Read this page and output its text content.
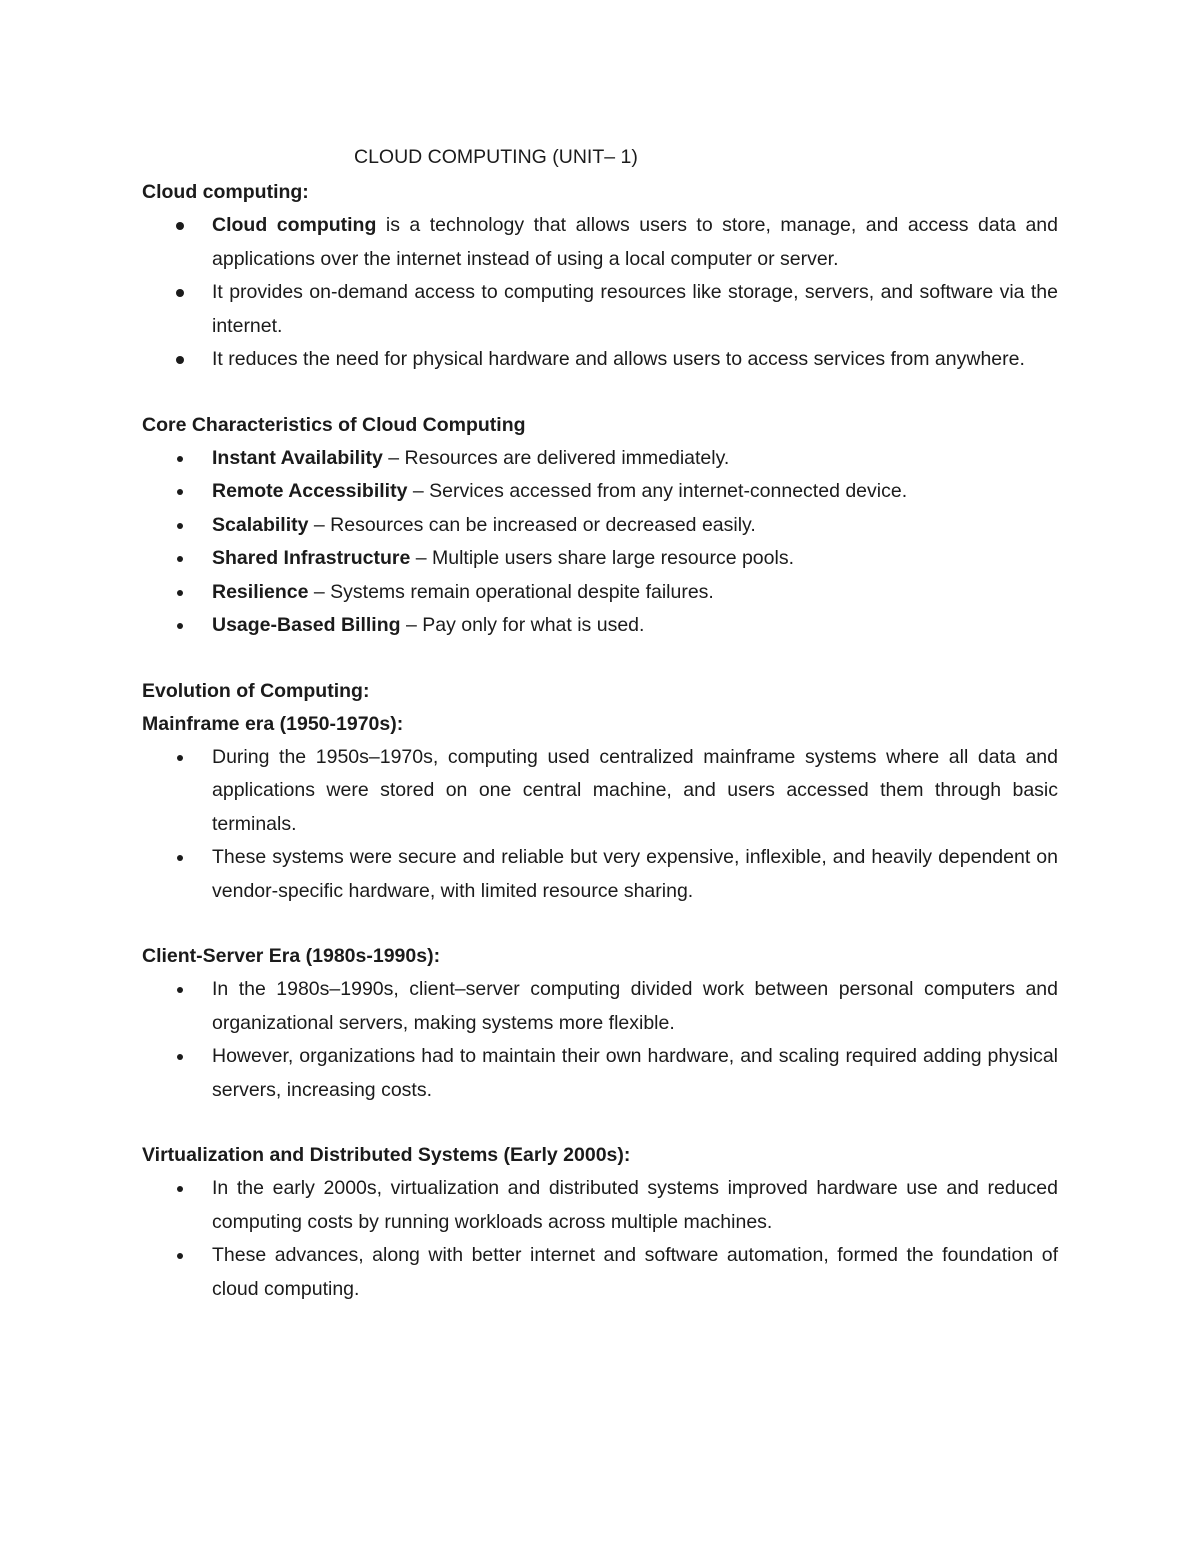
CLOUD COMPUTING (UNIT– 1)
Cloud computing:
Cloud computing is a technology that allows users to store, manage, and access data and applications over the internet instead of using a local computer or server.
It provides on-demand access to computing resources like storage, servers, and software via the internet.
It reduces the need for physical hardware and allows users to access services from anywhere.
Core Characteristics of Cloud Computing
Instant Availability – Resources are delivered immediately.
Remote Accessibility – Services accessed from any internet-connected device.
Scalability – Resources can be increased or decreased easily.
Shared Infrastructure – Multiple users share large resource pools.
Resilience – Systems remain operational despite failures.
Usage-Based Billing – Pay only for what is used.
Evolution of Computing:
Mainframe era (1950-1970s):
During the 1950s–1970s, computing used centralized mainframe systems where all data and applications were stored on one central machine, and users accessed them through basic terminals.
These systems were secure and reliable but very expensive, inflexible, and heavily dependent on vendor-specific hardware, with limited resource sharing.
Client-Server Era (1980s-1990s):
In the 1980s–1990s, client–server computing divided work between personal computers and organizational servers, making systems more flexible.
However, organizations had to maintain their own hardware, and scaling required adding physical servers, increasing costs.
Virtualization and Distributed Systems (Early 2000s):
In the early 2000s, virtualization and distributed systems improved hardware use and reduced computing costs by running workloads across multiple machines.
These advances, along with better internet and software automation, formed the foundation of cloud computing.
